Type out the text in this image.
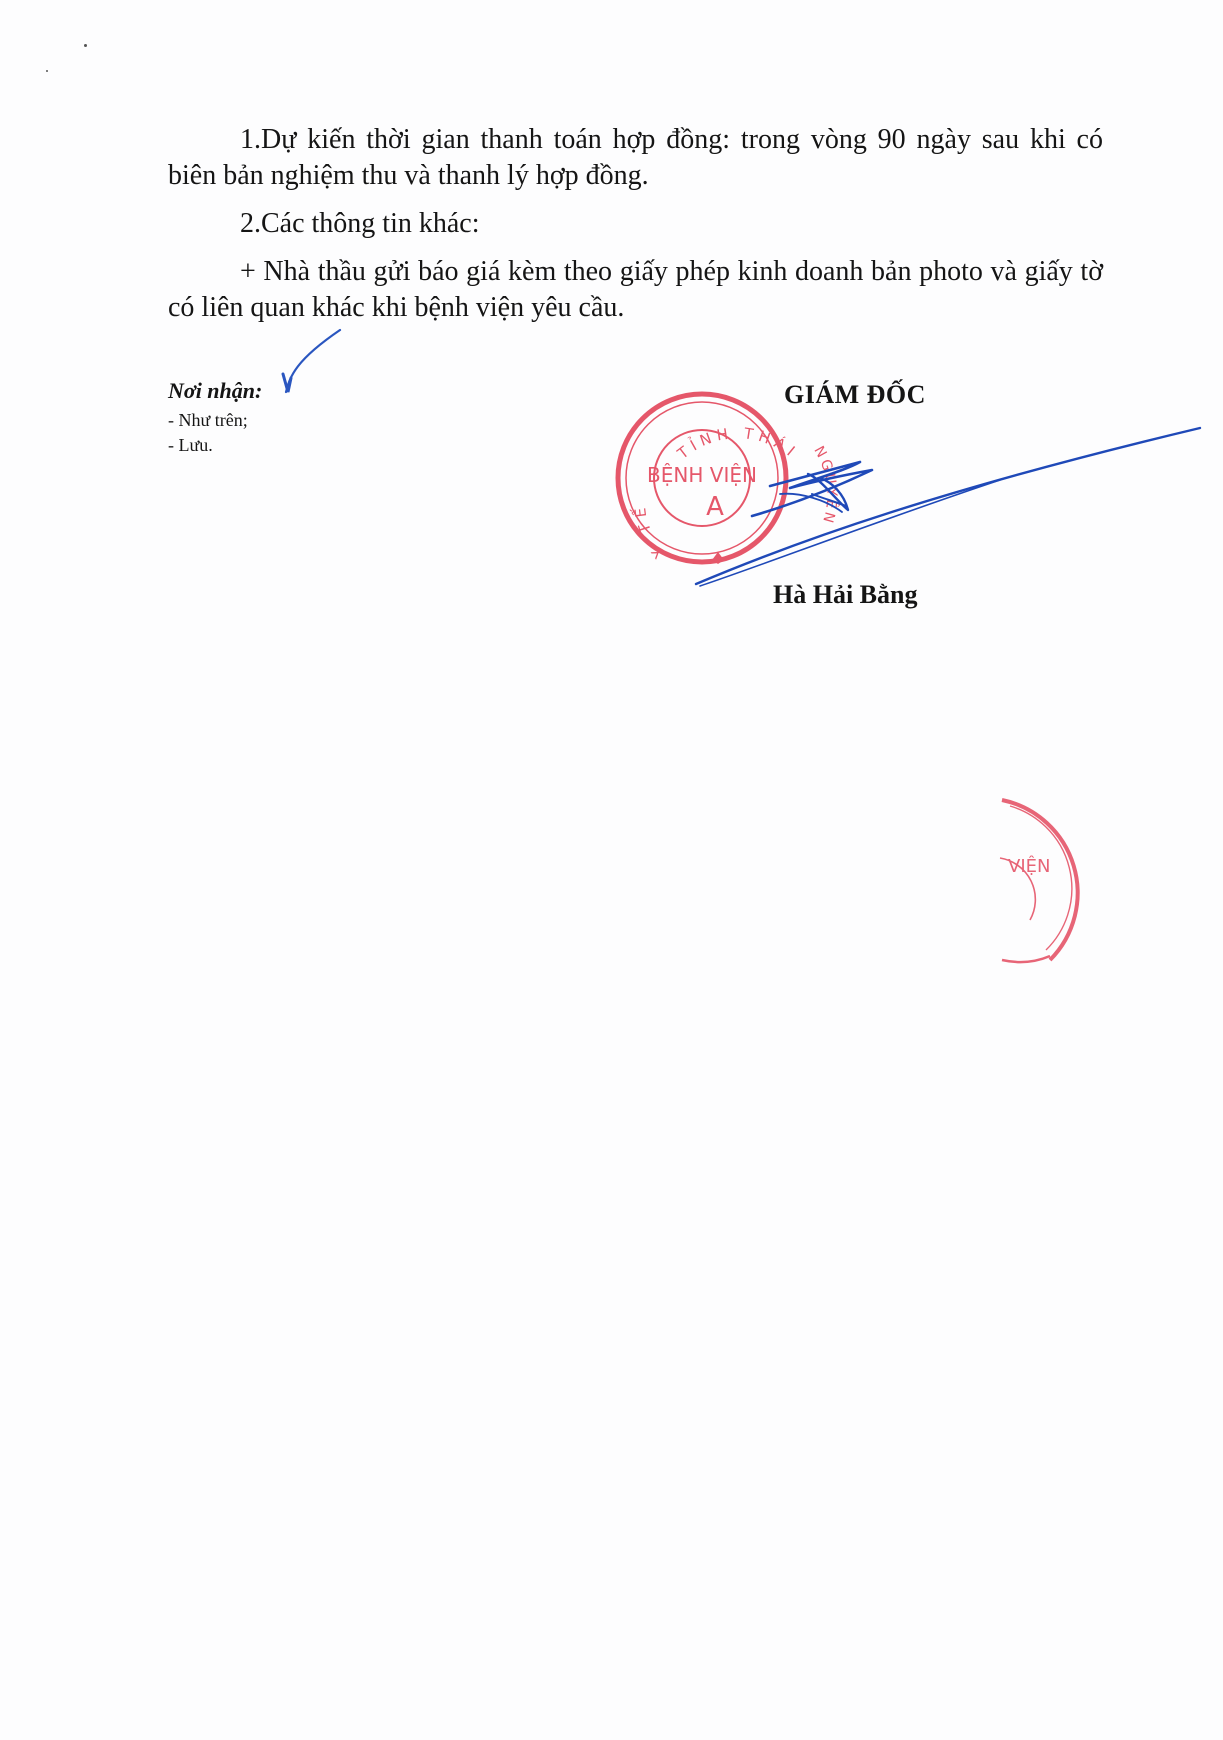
1.Dự kiến thời gian thanh toán hợp đồng: trong vòng 90 ngày sau khi có biên bản nghiệm thu và thanh lý hợp đồng.

2.Các thông tin khác:

+ Nhà thầu gửi báo giá kèm theo giấy phép kinh doanh bản photo và giấy tờ có liên quan khác khi bệnh viện yêu cầu.

Nơi nhận:

- Như trên;

- Lưu.

GIÁM ĐỐC
Hà Hải Bằng
TỈNH THÁI
Y TẾ
NGUYÊN
BỆNH VIỆN
A
VIỆN
